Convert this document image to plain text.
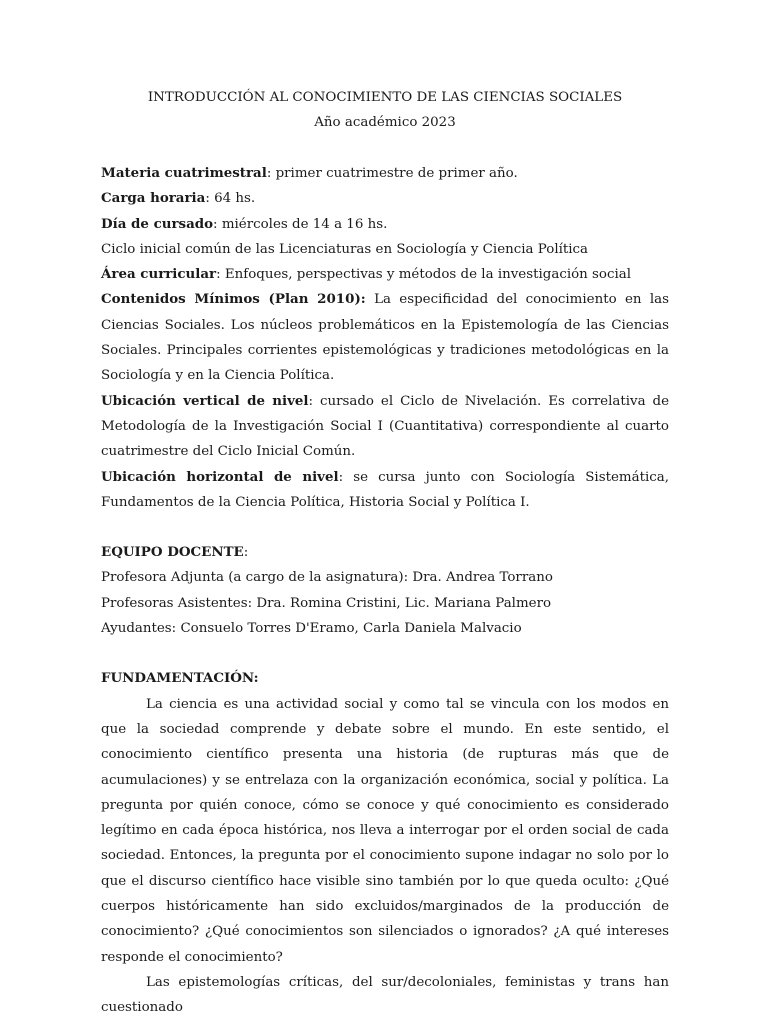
INTRODUCCIÓN AL CONOCIMIENTO DE LAS CIENCIAS SOCIALES

Año académico 2023

Materia cuatrimestral: primer cuatrimestre de primer año.

Carga horaria: 64 hs.

Día de cursado: miércoles de 14 a 16 hs.

Ciclo inicial común de las Licenciaturas en Sociología y Ciencia Política

Área curricular: Enfoques, perspectivas y métodos de la investigación social

Contenidos Mínimos (Plan 2010): La especificidad del conocimiento en las Ciencias Sociales. Los núcleos problemáticos en la Epistemología de las Ciencias Sociales. Principales corrientes epistemológicas y tradiciones metodológicas en la Sociología y en la Ciencia Política.

Ubicación vertical de nivel: cursado el Ciclo de Nivelación. Es correlativa de Metodología de la Investigación Social I (Cuantitativa) correspondiente al cuarto cuatrimestre del Ciclo Inicial Común.

Ubicación horizontal de nivel: se cursa junto con Sociología Sistemática, Fundamentos de la Ciencia Política, Historia Social y Política I.

EQUIPO DOCENTE:

Profesora Adjunta (a cargo de la asignatura): Dra. Andrea Torrano

Profesoras Asistentes: Dra. Romina Cristini, Lic. Mariana Palmero

Ayudantes: Consuelo Torres D'Eramo, Carla Daniela Malvacio

FUNDAMENTACIÓN:

La ciencia es una actividad social y como tal se vincula con los modos en que la sociedad comprende y debate sobre el mundo. En este sentido, el conocimiento científico presenta una historia (de rupturas más que de acumulaciones) y se entrelaza con la organización económica, social y política. La pregunta por quién conoce, cómo se conoce y qué conocimiento es considerado legítimo en cada época histórica, nos lleva a interrogar por el orden social de cada sociedad. Entonces, la pregunta por el conocimiento supone indagar no solo por lo que el discurso científico hace visible sino también por lo que queda oculto: ¿Qué cuerpos históricamente han sido excluidos/marginados de la producción de conocimiento? ¿Qué conocimientos son silenciados o ignorados? ¿A qué intereses responde el conocimiento?

Las epistemologías críticas, del sur/decoloniales, feministas y trans han cuestionado
